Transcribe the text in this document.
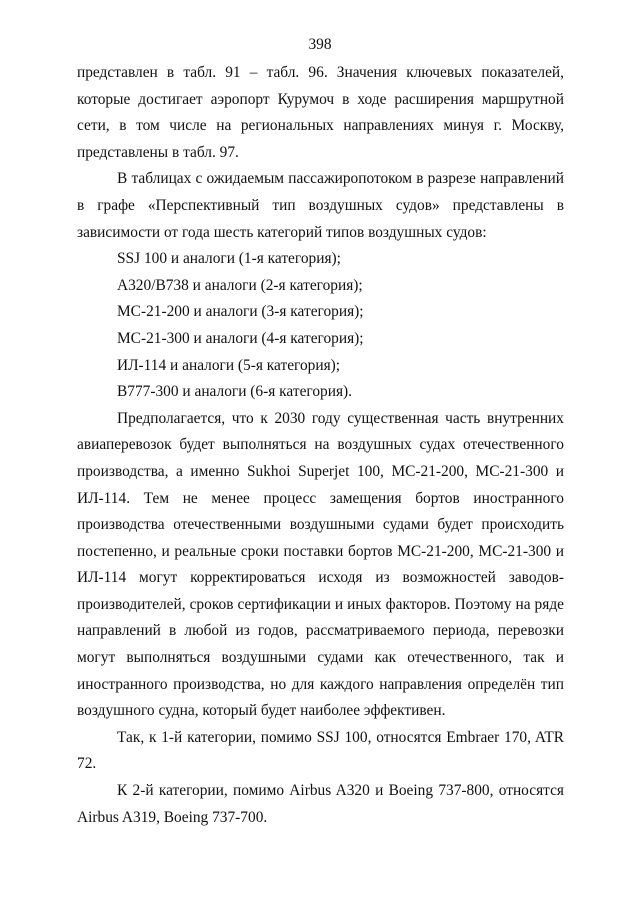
398

представлен в табл. 91 – табл. 96. Значения ключевых показателей, которые достигает аэропорт Курумоч в ходе расширения маршрутной сети, в том числе на региональных направлениях минуя г. Москву, представлены в табл. 97.

В таблицах с ожидаемым пассажиропотоком в разрезе направлений в графе «Перспективный тип воздушных судов» представлены в зависимости от года шесть категорий типов воздушных судов:

SSJ 100 и аналоги (1-я категория);

А320/В738 и аналоги (2-я категория);

МС-21-200 и аналоги (3-я категория);

МС-21-300 и аналоги (4-я категория);

ИЛ-114 и аналоги (5-я категория);

В777-300 и аналоги (6-я категория).

Предполагается, что к 2030 году существенная часть внутренних авиаперевозок будет выполняться на воздушных судах отечественного производства, а именно Sukhoi Superjet 100, МС-21-200, МС-21-300 и ИЛ-114. Тем не менее процесс замещения бортов иностранного производства отечественными воздушными судами будет происходить постепенно, и реальные сроки поставки бортов МС-21-200, МС-21-300 и ИЛ-114 могут корректироваться исходя из возможностей заводов-производителей, сроков сертификации и иных факторов. Поэтому на ряде направлений в любой из годов, рассматриваемого периода, перевозки могут выполняться воздушными судами как отечественного, так и иностранного производства, но для каждого направления определён тип воздушного судна, который будет наиболее эффективен.

Так, к 1-й категории, помимо SSJ 100, относятся Embraer 170, ATR 72.

К 2-й категории, помимо Airbus A320 и Boeing 737-800, относятся Airbus A319, Boeing 737-700.
